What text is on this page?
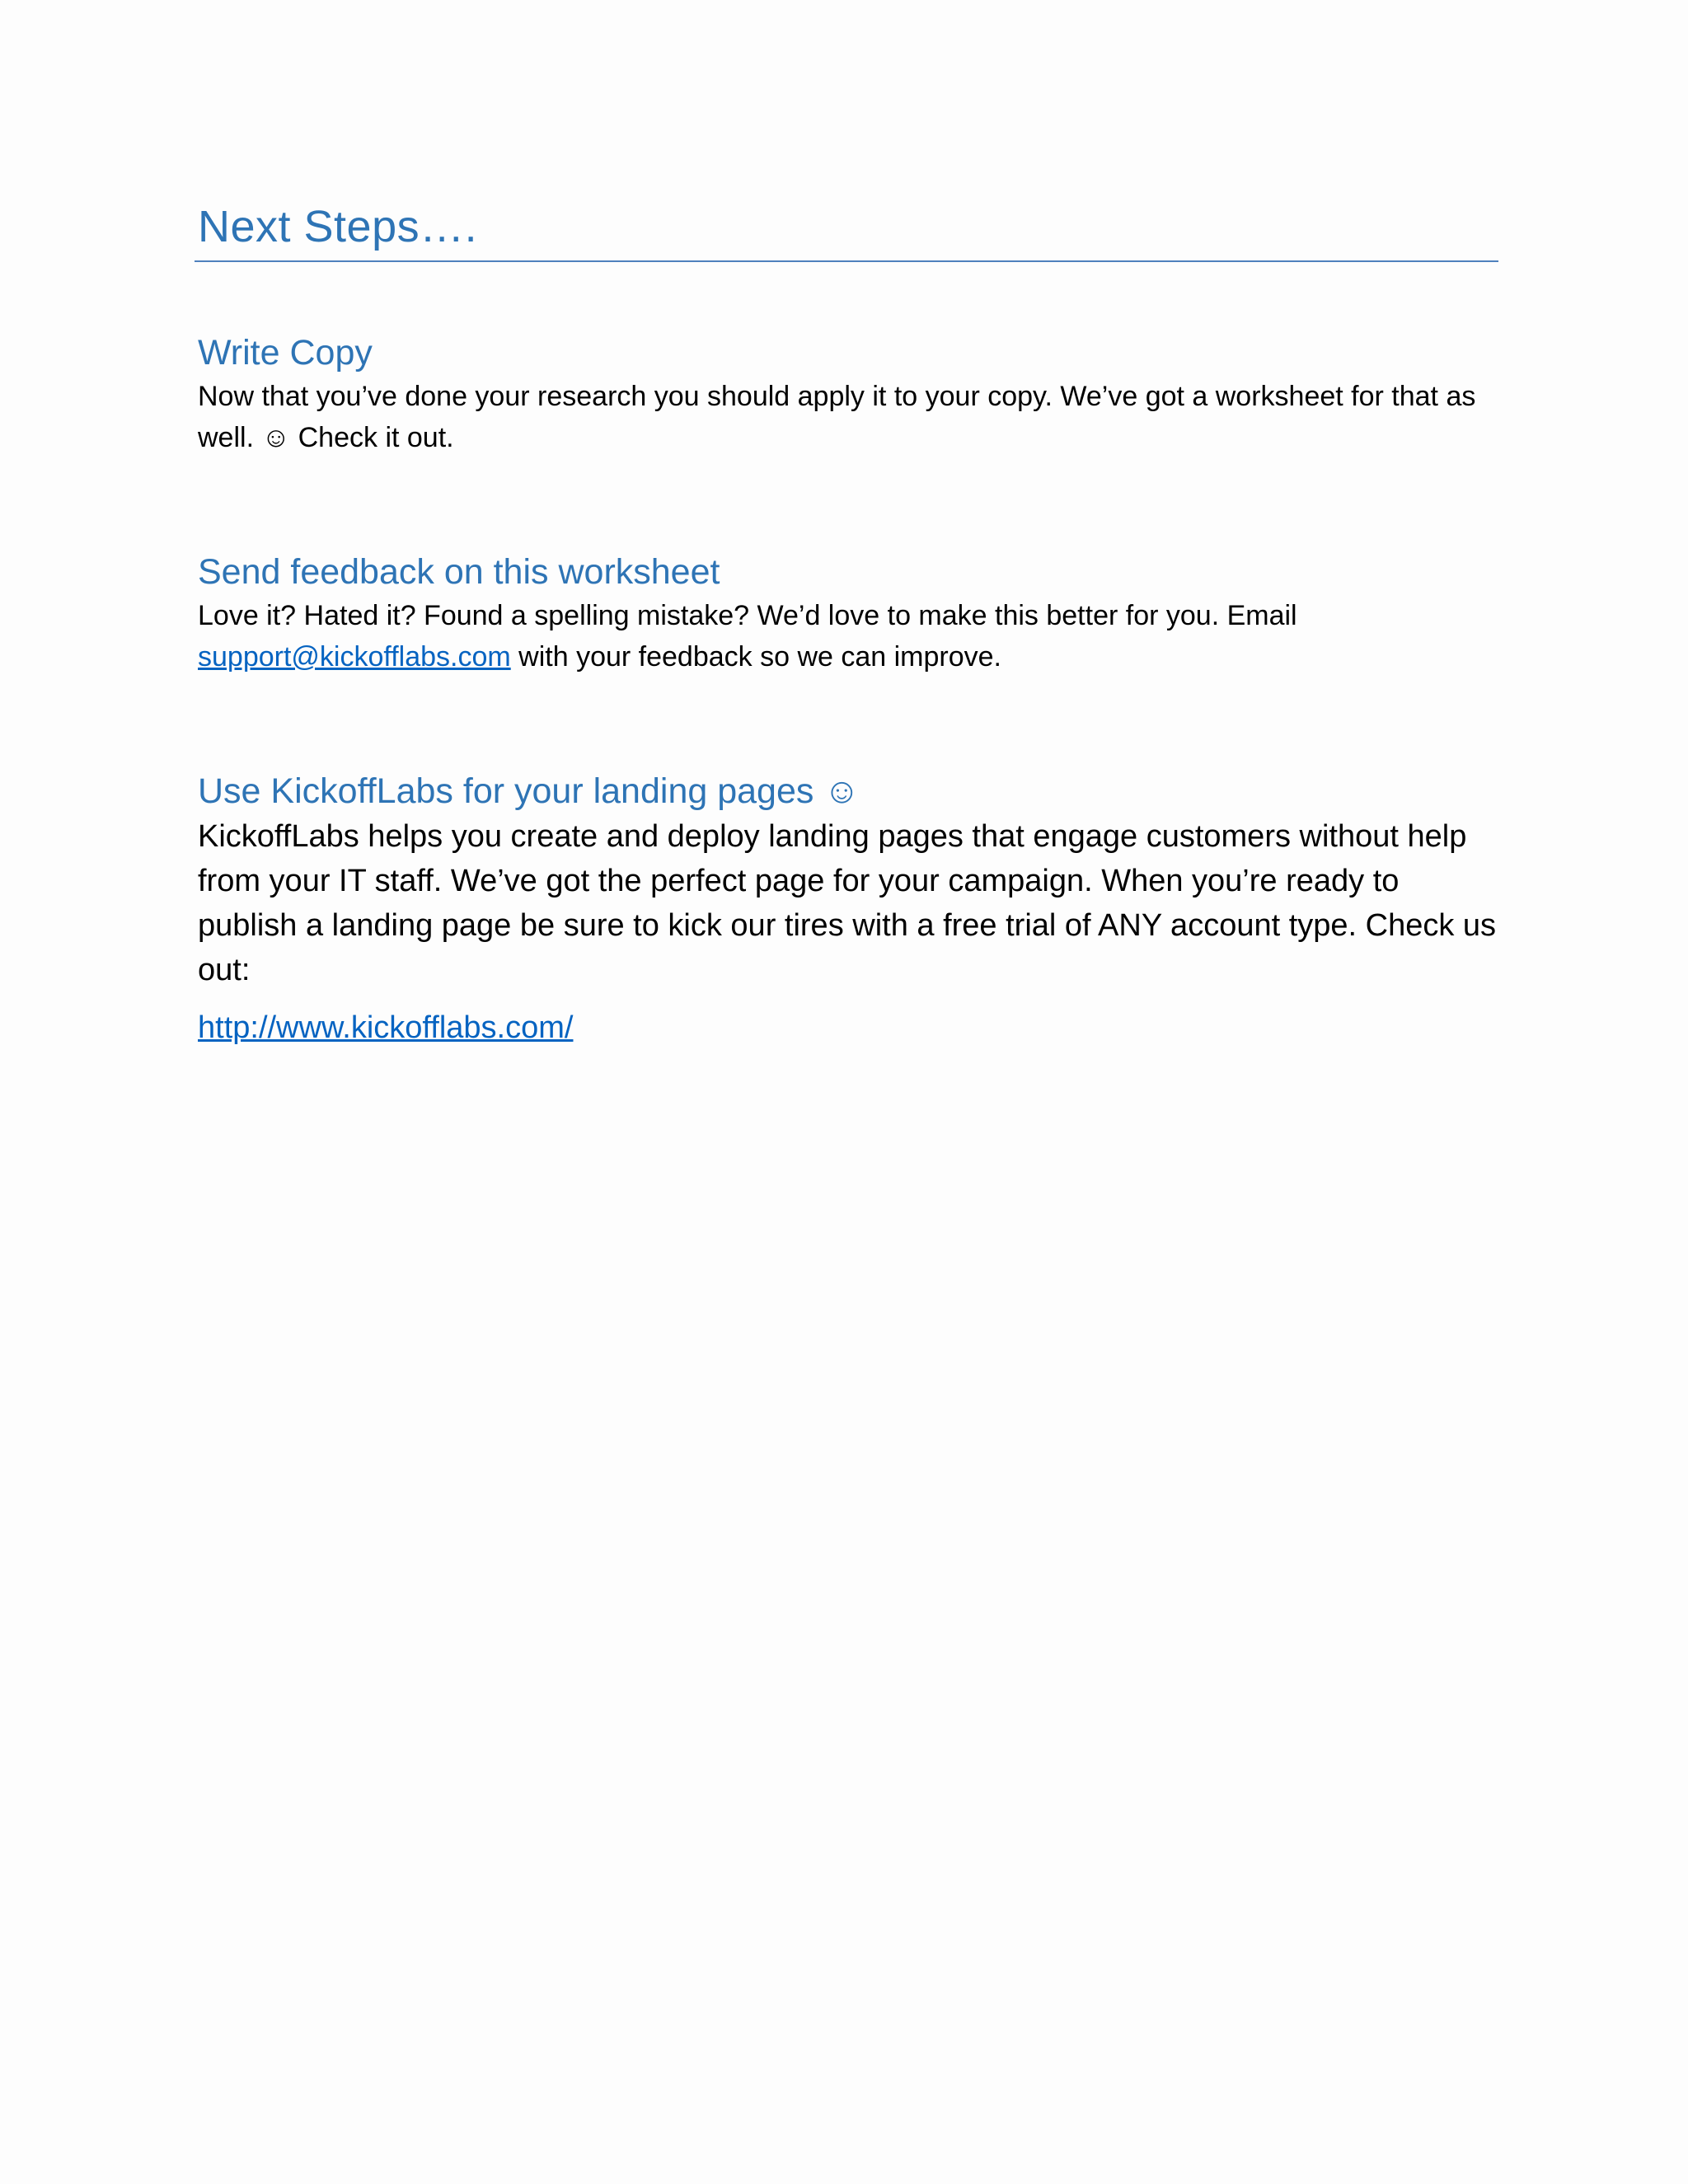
Next Steps….
Write Copy

Now that you’ve done your research you should apply it to your copy. We’ve got a worksheet for that as well. ☺ Check it out.

Send feedback on this worksheet

Love it? Hated it? Found a spelling mistake? We’d love to make this better for you. Email
support@kickofflabs.com with your feedback so we can improve.

Use KickoffLabs for your landing pages ☺

KickoffLabs helps you create and deploy landing pages that engage customers without help from your IT staff. We’ve got the perfect page for your campaign. When you’re ready to publish a landing page be sure to kick our tires with a free trial of ANY account type. Check us out:

http://www.kickofflabs.com/
